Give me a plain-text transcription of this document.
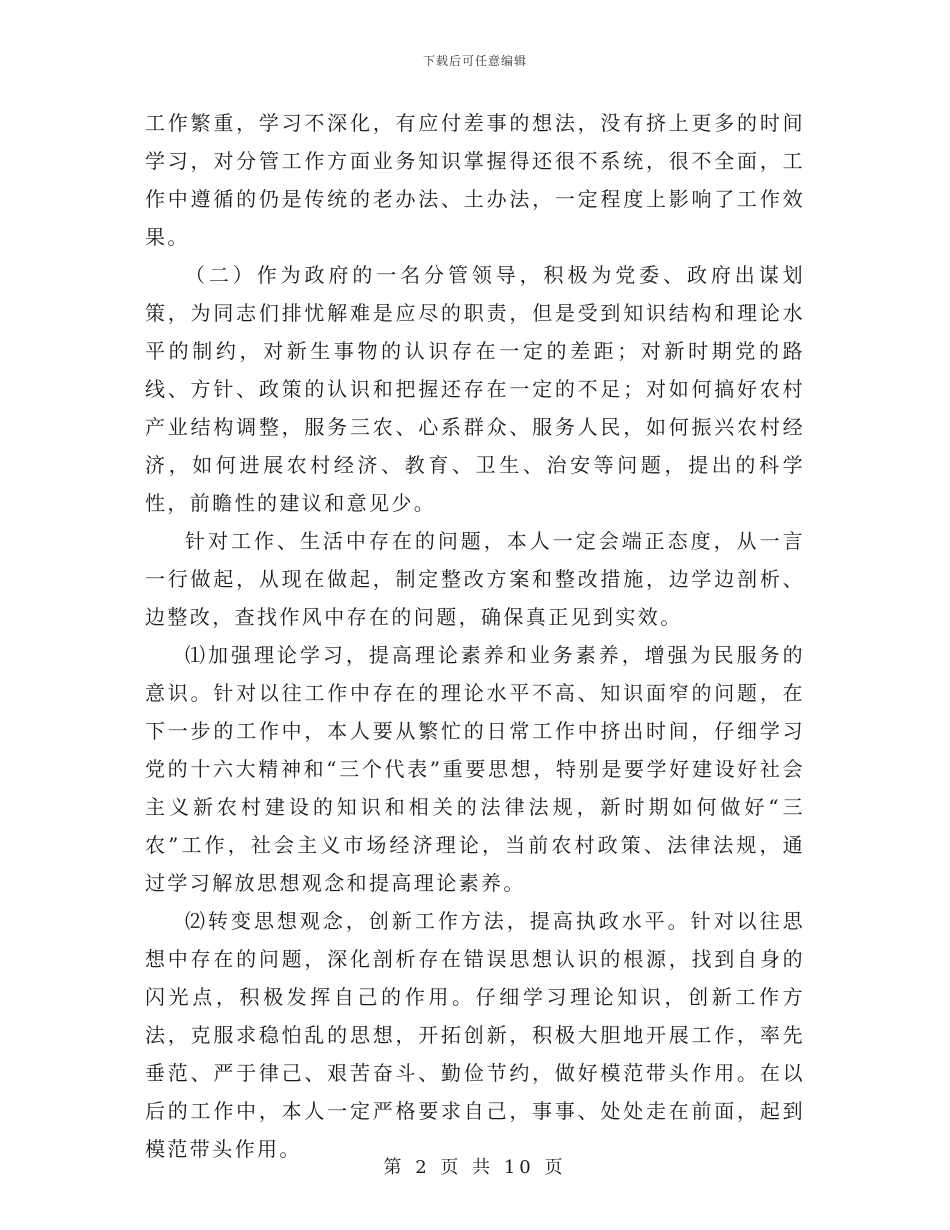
下载后可任意编辑

工作繁重，学习不深化，有应付差事的想法，没有挤上更多的时间学习，对分管工作方面业务知识掌握得还很不系统，很不全面，工作中遵循的仍是传统的老办法、土办法，一定程度上影响了工作效果。

（二）作为政府的一名分管领导，积极为党委、政府出谋划策，为同志们排忧解难是应尽的职责，但是受到知识结构和理论水平的制约，对新生事物的认识存在一定的差距；对新时期党的路线、方针、政策的认识和把握还存在一定的不足；对如何搞好农村产业结构调整，服务三农、心系群众、服务人民，如何振兴农村经济，如何进展农村经济、教育、卫生、治安等问题，提出的科学性，前瞻性的建议和意见少。

针对工作、生活中存在的问题，本人一定会端正态度，从一言一行做起，从现在做起，制定整改方案和整改措施，边学边剖析、边整改，查找作风中存在的问题，确保真正见到实效。

⑴加强理论学习，提高理论素养和业务素养，增强为民服务的意识。针对以往工作中存在的理论水平不高、知识面窄的问题，在下一步的工作中，本人要从繁忙的日常工作中挤出时间，仔细学习党的十六大精神和“三个代表”重要思想，特别是要学好建设好社会主义新农村建设的知识和相关的法律法规，新时期如何做好“三农”工作，社会主义市场经济理论，当前农村政策、法律法规，通过学习解放思想观念和提高理论素养。

⑵转变思想观念，创新工作方法，提高执政水平。针对以往思想中存在的问题，深化剖析存在错误思想认识的根源，找到自身的闪光点，积极发挥自己的作用。仔细学习理论知识，创新工作方法，克服求稳怕乱的思想，开拓创新，积极大胆地开展工作，率先垂范、严于律己、艰苦奋斗、勤俭节约，做好模范带头作用。在以后的工作中，本人一定严格要求自己，事事、处处走在前面，起到模范带头作用。

第 2 页 共 10 页
